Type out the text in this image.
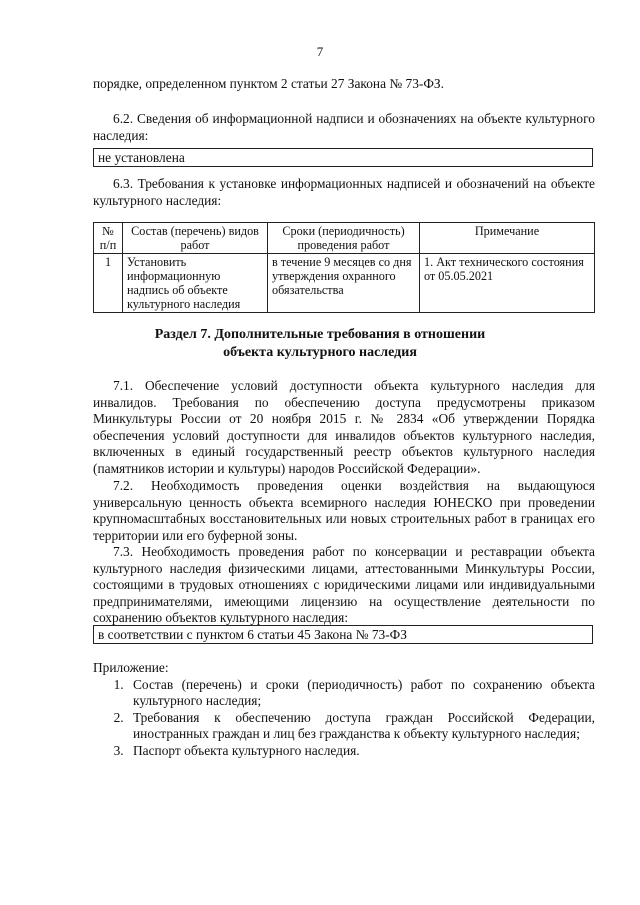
7
порядке, определенном пунктом 2 статьи 27 Закона № 73-ФЗ.
6.2. Сведения об информационной надписи и обозначениях на объекте культурного наследия:
не установлена
6.3. Требования к установке информационных надписей и обозначений на объекте культурного наследия:
№ п/п	Состав (перечень) видов работ	Сроки (периодичность) проведения работ	Примечание
1	Установить информационную надпись об объекте культурного наследия	в течение 9 месяцев со дня утверждения охранного обязательства	1. Акт технического состояния от 05.05.2021
Раздел 7. Дополнительные требования в отношении
объекта культурного наследия
7.1. Обеспечение условий доступности объекта культурного наследия для инвалидов. Требования по обеспечению доступа предусмотрены приказом Минкультуры России от 20 ноября 2015 г. № 2834 «Об утверждении Порядка обеспечения условий доступности для инвалидов объектов культурного наследия, включенных в единый государственный реестр объектов культурного наследия (памятников истории и культуры) народов Российской Федерации».
7.2. Необходимость проведения оценки воздействия на выдающуюся универсальную ценность объекта всемирного наследия ЮНЕСКО при проведении крупномасштабных восстановительных или новых строительных работ в границах его территории или его буферной зоны.
7.3. Необходимость проведения работ по консервации и реставрации объекта культурного наследия физическими лицами, аттестованными Минкультуры России, состоящими в трудовых отношениях с юридическими лицами или индивидуальными предпринимателями, имеющими лицензию на осуществление деятельности по сохранению объектов культурного наследия:
в соответствии с пунктом 6 статьи 45 Закона № 73-ФЗ
Приложение:
1. Состав (перечень) и сроки (периодичность) работ по сохранению объекта культурного наследия;
2. Требования к обеспечению доступа граждан Российской Федерации, иностранных граждан и лиц без гражданства к объекту культурного наследия;
3. Паспорт объекта культурного наследия.
